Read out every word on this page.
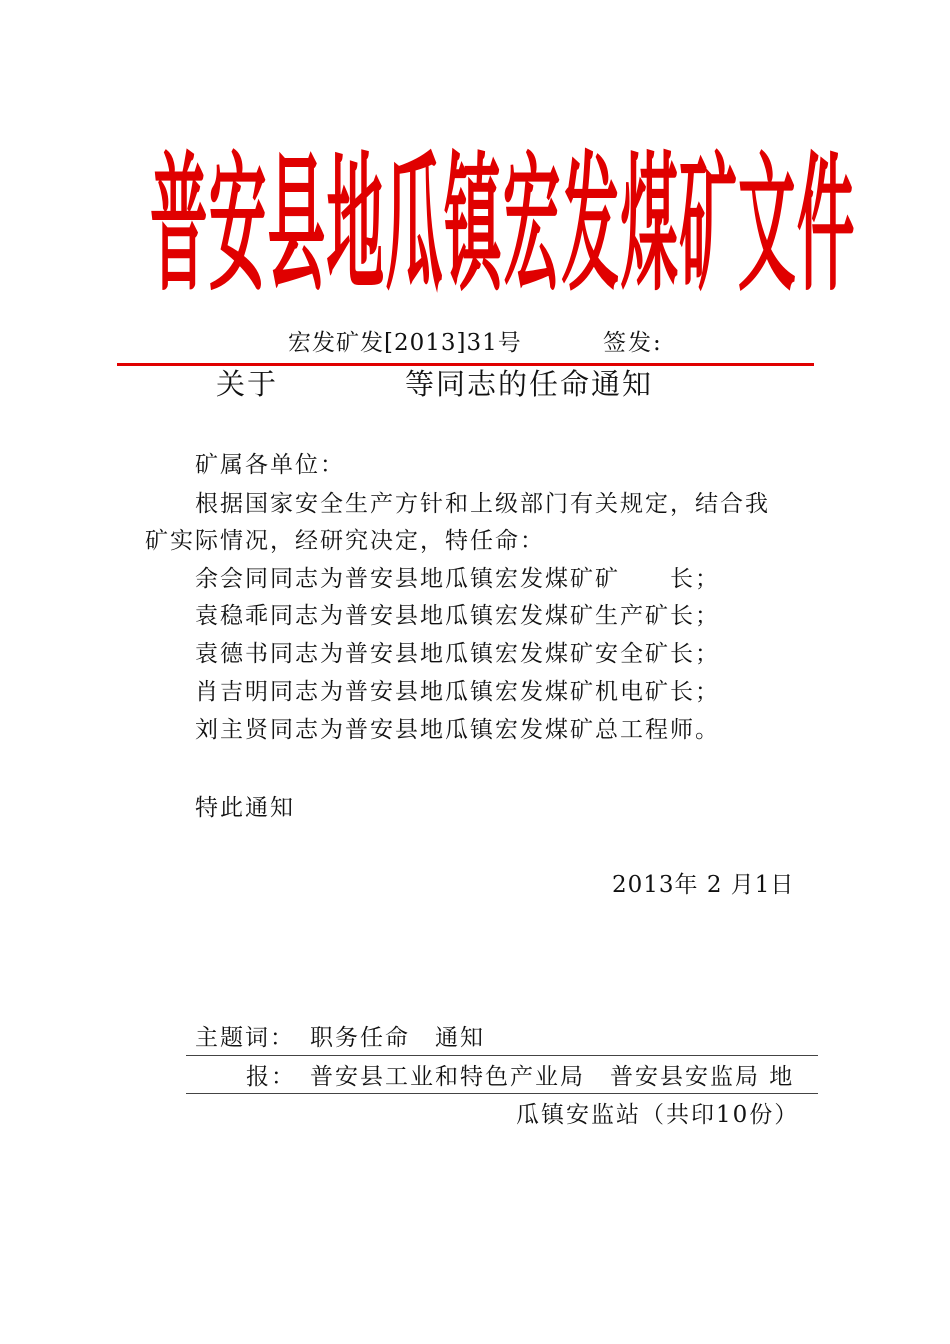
普安县地瓜镇宏发煤矿文件
宏发矿发[2013]31号	签发:
关于	等同志的任命通知
矿属各单位：
根据国家安全生产方针和上级部门有关规定，结合我
矿实际情况，经研究决定，特任命：
余会同同志为普安县地瓜镇宏发煤矿矿　　长；
袁稳乖同志为普安县地瓜镇宏发煤矿生产矿长；
袁德书同志为普安县地瓜镇宏发煤矿安全矿长；
肖吉明同志为普安县地瓜镇宏发煤矿机电矿长；
刘主贤同志为普安县地瓜镇宏发煤矿总工程师。
特此通知
2013年 2 月1日
主题词： 职务任命　通知
报： 普安县工业和特色产业局　普安县安监局 地
瓜镇安监站（共印10份）
